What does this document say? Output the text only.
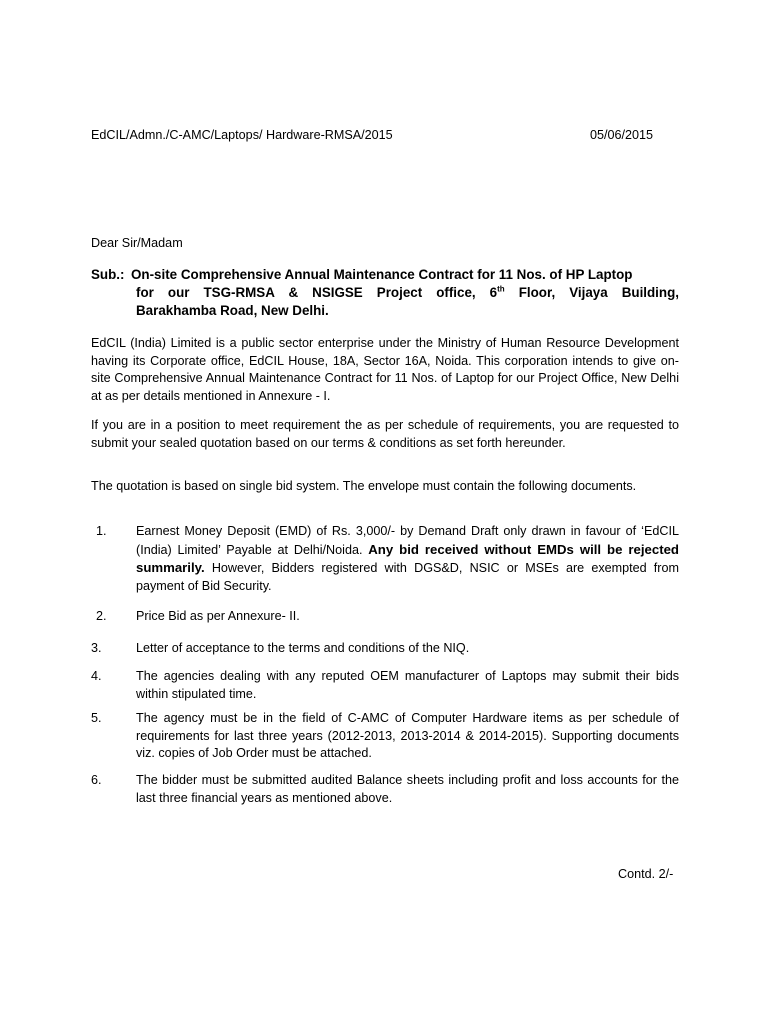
EdCIL/Admn./C-AMC/Laptops/ Hardware-RMSA/2015	05/06/2015
Dear Sir/Madam
Sub.: On-site Comprehensive Annual Maintenance Contract for 11 Nos. of HP Laptop
for our TSG-RMSA & NSIGSE Project office, 6th Floor, Vijaya Building,
Barakhamba Road, New Delhi.
EdCIL (India) Limited is a public sector enterprise under the Ministry of Human Resource Development having its Corporate office, EdCIL House, 18A, Sector 16A, Noida. This corporation intends to give on-site Comprehensive Annual Maintenance Contract for 11 Nos. of Laptop for our Project Office, New Delhi at as per details mentioned in Annexure - I.
If you are in a position to meet requirement the as per schedule of requirements, you are requested to submit your sealed quotation based on our terms & conditions as set forth hereunder.
The quotation is based on single bid system. The envelope must contain the following documents.
1. Earnest Money Deposit (EMD) of Rs. 3,000/- by Demand Draft only drawn in favour of ‘EdCIL (India) Limited’ Payable at Delhi/Noida. Any bid received without EMDs will be rejected summarily. However, Bidders registered with DGS&D, NSIC or MSEs are exempted from payment of Bid Security.
2. Price Bid as per Annexure- II.
3.	Letter of acceptance to the terms and conditions of the NIQ.
4.	The agencies dealing with any reputed OEM manufacturer of Laptops may submit their bids within stipulated time.
5.	The agency must be in the field of C-AMC of Computer Hardware items as per schedule of requirements for last three years (2012-2013, 2013-2014 & 2014-2015). Supporting documents viz. copies of Job Order must be attached.
6.	The bidder must be submitted audited Balance sheets including profit and loss accounts for the last three financial years as mentioned above.
Contd. 2/-
